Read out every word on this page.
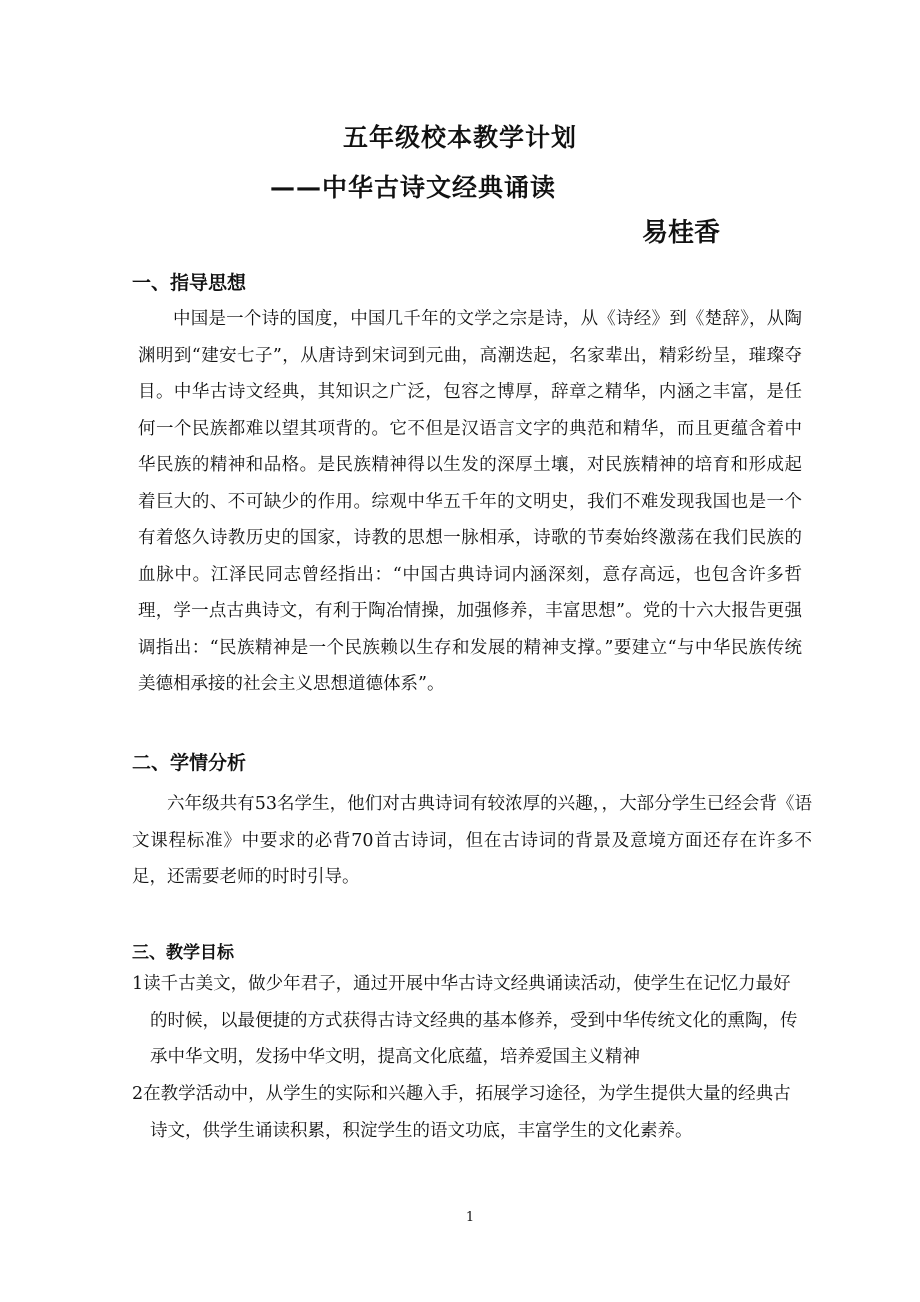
五年级校本教学计划
——中华古诗文经典诵读
易桂香
一、指导思想

中国是一个诗的国度，中国几千年的文学之宗是诗，从《诗经》到《楚辞》，从陶渊明到“建安七子”，从唐诗到宋词到元曲，高潮迭起，名家辈出，精彩纷呈，璀璨夺目。中华古诗文经典，其知识之广泛，包容之博厚，辞章之精华，内涵之丰富，是任何一个民族都难以望其项背的。它不但是汉语言文字的典范和精华，而且更蕴含着中华民族的精神和品格。是民族精神得以生发的深厚土壤，对民族精神的培育和形成起着巨大的、不可缺少的作用。综观中华五千年的文明史，我们不难发现我国也是一个有着悠久诗教历史的国家，诗教的思想一脉相承，诗歌的节奏始终激荡在我们民族的血脉中。江泽民同志曾经指出：“中国古典诗词内涵深刻，意存高远，也包含许多哲理，学一点古典诗文，有利于陶冶情操，加强修养，丰富思想”。党的十六大报告更强调指出：“民族精神是一个民族赖以生存和发展的精神支撑。”要建立“与中华民族传统美德相承接的社会主义思想道德体系”。

二、学情分析

六年级共有53名学生，他们对古典诗词有较浓厚的兴趣，，大部分学生已经会背《语文课程标准》中要求的必背70首古诗词，但在古诗词的背景及意境方面还存在许多不足，还需要老师的时时引导。

三、教学目标

1读千古美文，做少年君子，通过开展中华古诗文经典诵读活动，使学生在记忆力最好的时候，以最便捷的方式获得古诗文经典的基本修养，受到中华传统文化的熏陶，传承中华文明，发扬中华文明，提高文化底蕴，培养爱国主义精神

2在教学活动中，从学生的实际和兴趣入手，拓展学习途径，为学生提供大量的经典古诗文，供学生诵读积累，积淀学生的语文功底，丰富学生的文化素养。

1
